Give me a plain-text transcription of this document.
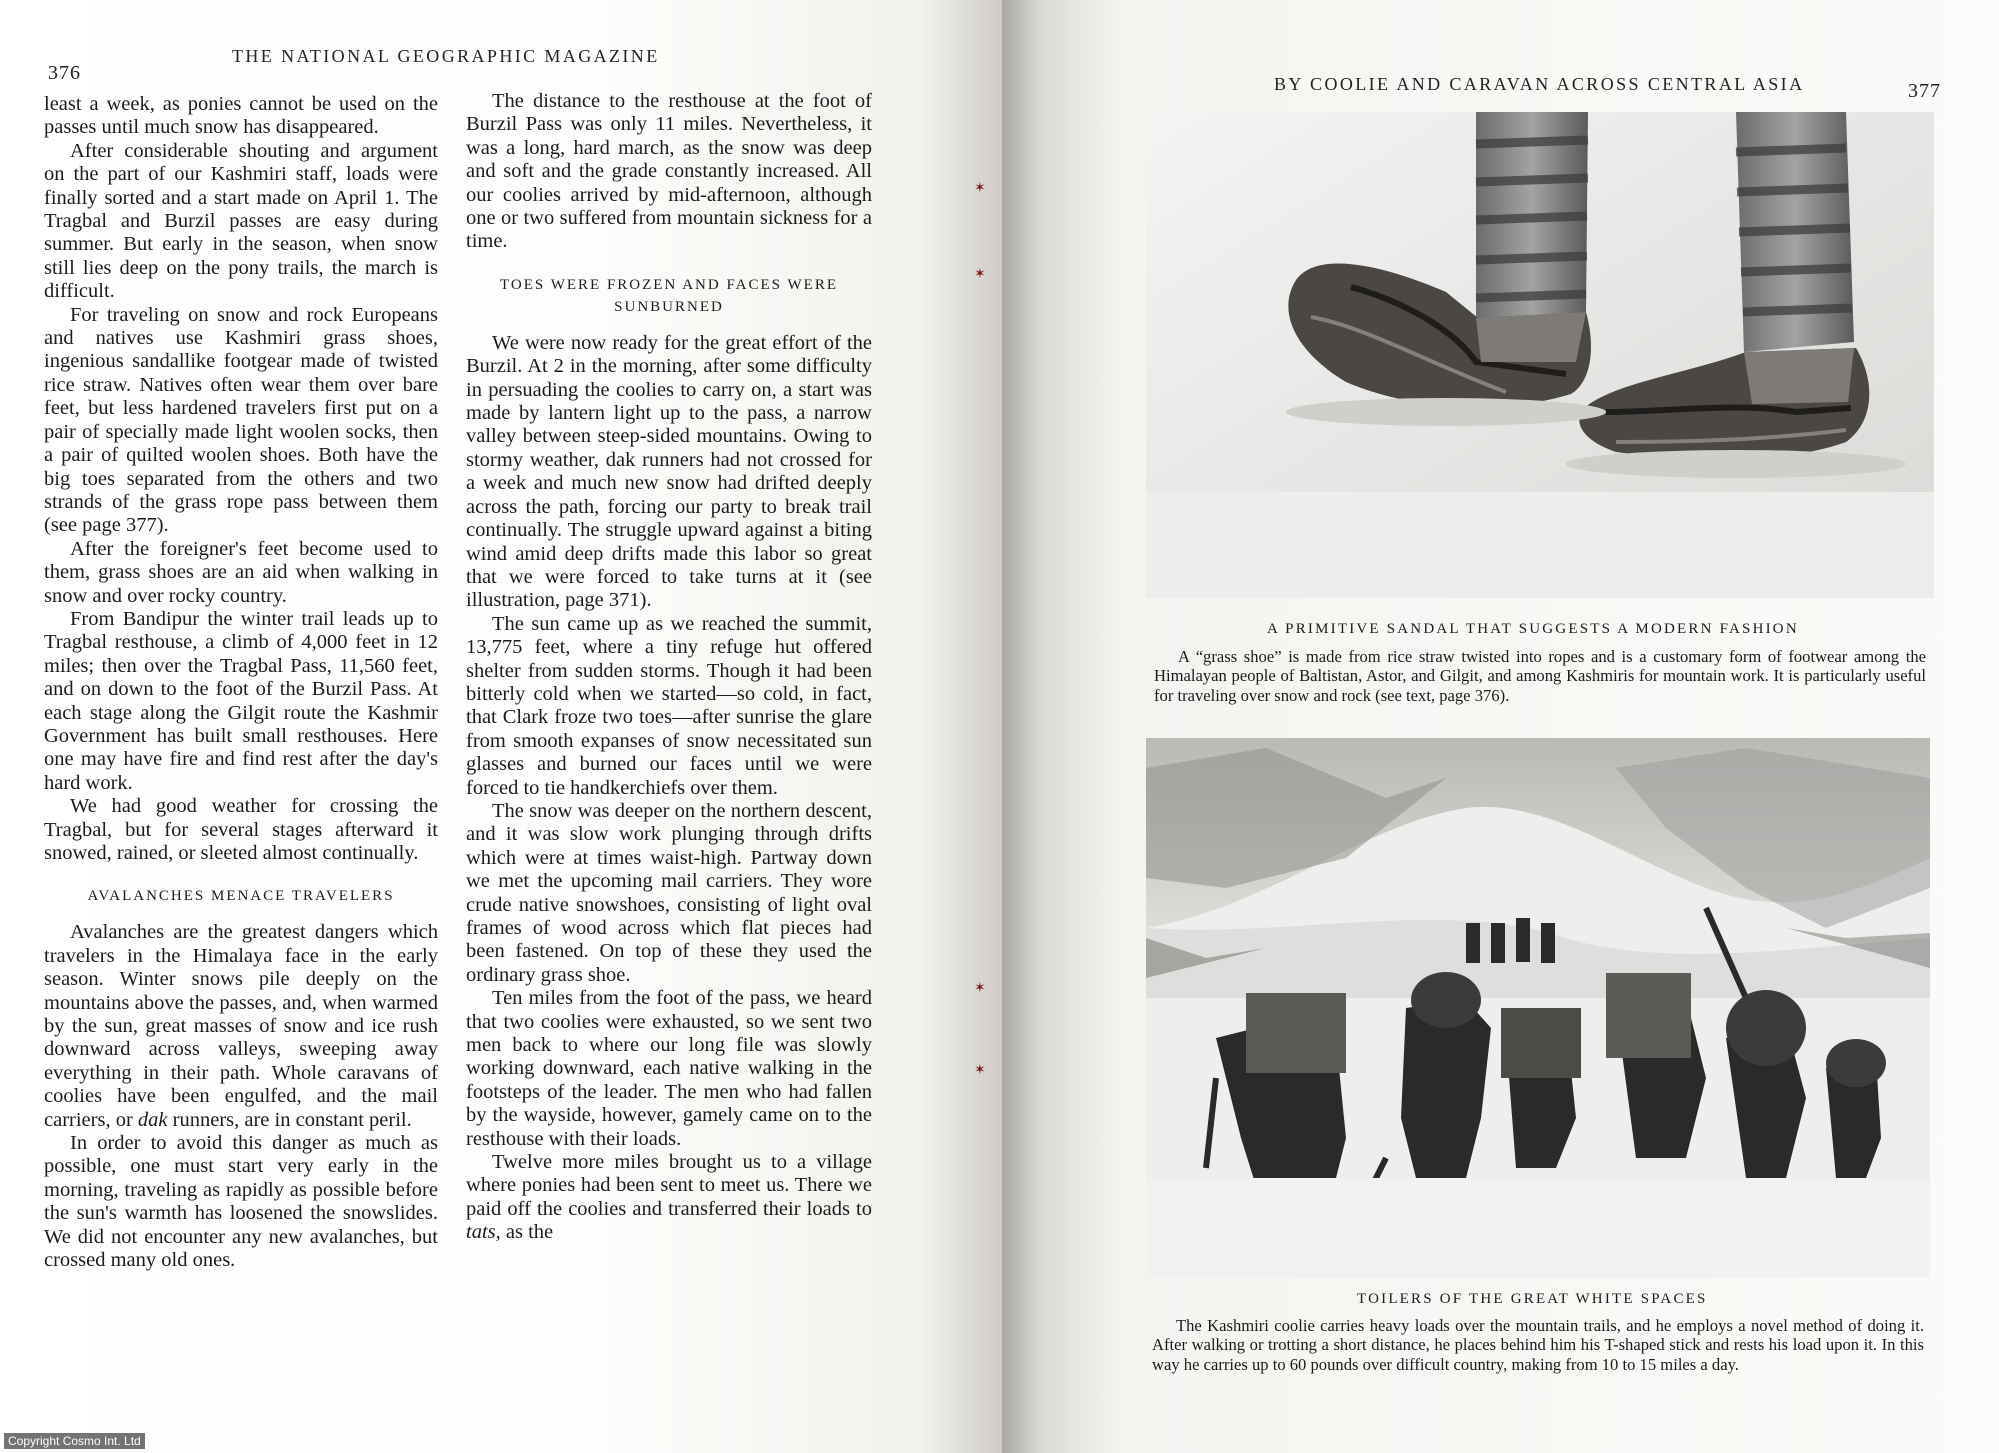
376
THE NATIONAL GEOGRAPHIC MAGAZINE

least a week, as ponies cannot be used on the passes until much snow has disappeared.

After considerable shouting and argument on the part of our Kashmiri staff, loads were finally sorted and a start made on April 1. The Tragbal and Burzil passes are easy during summer. But early in the season, when snow still lies deep on the pony trails, the march is difficult.

For traveling on snow and rock Europeans and natives use Kashmiri grass shoes, ingenious sandallike footgear made of twisted rice straw. Natives often wear them over bare feet, but less hardened travelers first put on a pair of specially made light woolen socks, then a pair of quilted woolen shoes. Both have the big toes separated from the others and two strands of the grass rope pass between them (see page 377).

After the foreigner's feet become used to them, grass shoes are an aid when walking in snow and over rocky country.

From Bandipur the winter trail leads up to Tragbal resthouse, a climb of 4,000 feet in 12 miles; then over the Tragbal Pass, 11,560 feet, and on down to the foot of the Burzil Pass. At each stage along the Gilgit route the Kashmir Government has built small resthouses. Here one may have fire and find rest after the day's hard work.

We had good weather for crossing the Tragbal, but for several stages afterward it snowed, rained, or sleeted almost continually.

AVALANCHES MENACE TRAVELERS

Avalanches are the greatest dangers which travelers in the Himalaya face in the early season. Winter snows pile deeply on the mountains above the passes, and, when warmed by the sun, great masses of snow and ice rush downward across valleys, sweeping away everything in their path. Whole caravans of coolies have been engulfed, and the mail carriers, or dak runners, are in constant peril.

In order to avoid this danger as much as possible, one must start very early in the morning, traveling as rapidly as possible before the sun's warmth has loosened the snowslides. We did not encounter any new avalanches, but crossed many old ones.

The distance to the resthouse at the foot of Burzil Pass was only 11 miles. Nevertheless, it was a long, hard march, as the snow was deep and soft and the grade constantly increased. All our coolies arrived by mid-afternoon, although one or two suffered from mountain sickness for a time.

TOES WERE FROZEN AND FACES WERE SUNBURNED

We were now ready for the great effort of the Burzil. At 2 in the morning, after some difficulty in persuading the coolies to carry on, a start was made by lantern light up to the pass, a narrow valley between steep-sided mountains. Owing to stormy weather, dak runners had not crossed for a week and much new snow had drifted deeply across the path, forcing our party to break trail continually. The struggle upward against a biting wind amid deep drifts made this labor so great that we were forced to take turns at it (see illustration, page 371).

The sun came up as we reached the summit, 13,775 feet, where a tiny refuge hut offered shelter from sudden storms. Though it had been bitterly cold when we started—so cold, in fact, that Clark froze two toes—after sunrise the glare from smooth expanses of snow necessitated sun glasses and burned our faces until we were forced to tie handkerchiefs over them.

The snow was deeper on the northern descent, and it was slow work plunging through drifts which were at times waist-high. Partway down we met the upcoming mail carriers. They wore crude native snowshoes, consisting of light oval frames of wood across which flat pieces had been fastened. On top of these they used the ordinary grass shoe.

Ten miles from the foot of the pass, we heard that two coolies were exhausted, so we sent two men back to where our long file was slowly working downward, each native walking in the footsteps of the leader. The men who had fallen by the wayside, however, gamely came on to the resthouse with their loads.

Twelve more miles brought us to a village where ponies had been sent to meet us. There we paid off the coolies and transferred their loads to tats, as the

BY COOLIE AND CARAVAN ACROSS CENTRAL ASIA	377
✶
✶
✶
✶
A PRIMITIVE SANDAL THAT SUGGESTS A MODERN FASHION

A “grass shoe” is made from rice straw twisted into ropes and is a customary form of footwear among the Himalayan people of Baltistan, Astor, and Gilgit, and among Kashmiris for mountain work. It is particularly useful for traveling over snow and rock (see text, page 376).

TOILERS OF THE GREAT WHITE SPACES

The Kashmiri coolie carries heavy loads over the mountain trails, and he employs a novel method of doing it. After walking or trotting a short distance, he places behind him his T-shaped stick and rests his load upon it. In this way he carries up to 60 pounds over difficult country, making from 10 to 15 miles a day.

Copyright Cosmo Int. Ltd
